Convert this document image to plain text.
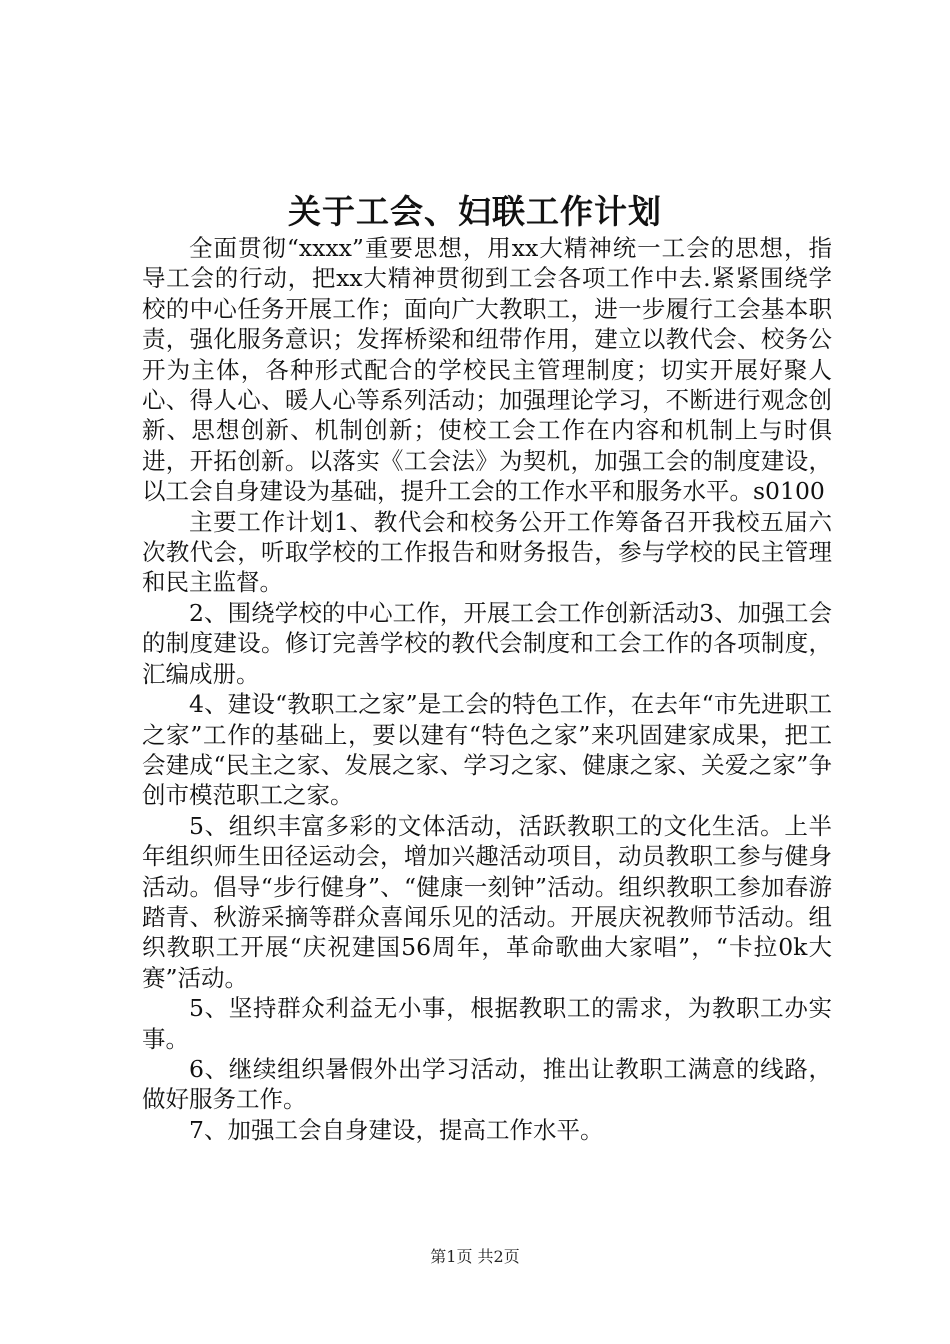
关于工会、妇联工作计划

全面贯彻“xxxx”重要思想，用xx大精神统一工会的思想，指导工会的行动，把xx大精神贯彻到工会各项工作中去.紧紧围绕学校的中心任务开展工作；面向广大教职工，进一步履行工会基本职责，强化服务意识；发挥桥梁和纽带作用，建立以教代会、校务公开为主体，各种形式配合的学校民主管理制度；切实开展好聚人心、得人心、暖人心等系列活动；加强理论学习，不断进行观念创新、思想创新、机制创新；使校工会工作在内容和机制上与时俱进，开拓创新。以落实《工会法》为契机，加强工会的制度建设，以工会自身建设为基础，提升工会的工作水平和服务水平。s0100

主要工作计划1、教代会和校务公开工作筹备召开我校五届六次教代会，听取学校的工作报告和财务报告，参与学校的民主管理和民主监督。

2、围绕学校的中心工作，开展工会工作创新活动3、加强工会的制度建设。修订完善学校的教代会制度和工会工作的各项制度，汇编成册。

4、建设“教职工之家”是工会的特色工作，在去年“市先进职工之家”工作的基础上，要以建有“特色之家”来巩固建家成果，把工会建成“民主之家、发展之家、学习之家、健康之家、关爱之家”争创市模范职工之家。

5、组织丰富多彩的文体活动，活跃教职工的文化生活。上半年组织师生田径运动会，增加兴趣活动项目，动员教职工参与健身活动。倡导“步行健身”、“健康一刻钟”活动。组织教职工参加春游踏青、秋游采摘等群众喜闻乐见的活动。开展庆祝教师节活动。组织教职工开展“庆祝建国56周年，革命歌曲大家唱”，“卡拉0k大赛”活动。

5、坚持群众利益无小事，根据教职工的需求，为教职工办实事。

6、继续组织暑假外出学习活动，推出让教职工满意的线路，做好服务工作。

7、加强工会自身建设，提高工作水平。

第1页 共2页
